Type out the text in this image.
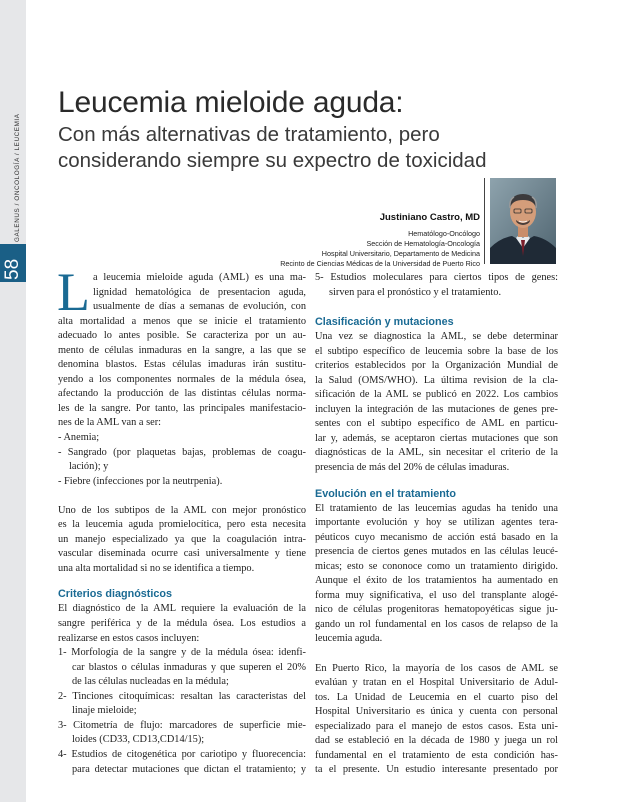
GALENUS / ONCOLOGÍA / LEUCEMIA
58
Leucemia mieloide aguda:
Con más alternativas de tratamiento, pero
considerando siempre su expectro de toxicidad
Justiniano Castro, MD
Hematólogo-Oncólogo
Sección de Hematología-Oncología
Hospital Universitario, Departamento de Medicina
Recinto de Ciencias Médicas de la Universidad de Puerto Rico
L a leucemia mieloide aguda (AML) es una ma-
lignidad hematológica de presentacion aguda,
usualmente de días a semanas de evolución, con
alta mortalidad a menos que se inicie el tratamiento
adecuado lo antes posible. Se caracteriza por un au-
mento de células inmaduras en la sangre, a las que se
denomina blastos. Estas células imaduras irán sustitu-
yendo a los componentes normales de la médula ósea,
afectando la producción de las distintas células norma-
les de la sangre. Por tanto, las principales manifestacio-
nes de la AML van a ser:
- Anemia;
- Sangrado (por plaquetas bajas, problemas de coagu-
lación); y
- Fiebre (infecciones por la neutrpenia).
Uno de los subtipos de la AML con mejor pronóstico
es la leucemia aguda promielocítica, pero esta necesita
un manejo especializado ya que la coagulación intra-
vascular diseminada ocurre casi universalmente y tiene
una alta mortalidad si no se identifica a tiempo.
Criterios diagnósticos
El diagnóstico de la AML requiere la evaluación de la
sangre periférica y de la médula ósea. Los estudios a
realizarse en estos casos incluyen:
1- Morfología de la sangre y de la médula ósea: idenfi-
car blastos o células inmaduras y que superen el 20%
de las células nucleadas en la médula;
2- Tinciones citoquímicas: resaltan las caracteristas del
linaje mieloide;
3- Citometría de flujo: marcadores de superficie mie-
loides (CD33, CD13,CD14/15);
4- Estudios de citogenética por cariotipo y fluorecencia:
para detectar mutaciones que dictan el tratamiento; y
5- Estudios moleculares para ciertos tipos de genes:
sirven para el pronóstico y el tratamiento.
Clasificación y mutaciones
Una vez se diagnostica la AML, se debe determinar
el subtipo específico de leucemia sobre la base de los
criterios establecidos por la Organización Mundial de
la Salud (OMS/WHO). La última revision de la cla-
sificación de la AML se publicó en 2022. Los cambios
incluyen la integración de las mutaciones de genes pre-
sentes con el subtipo específico de AML en particu-
lar y, además, se aceptaron ciertas mutaciones que son
diagnósticas de la AML, sin necesitar el criterio de la
presencia de más del 20% de células imaduras.
Evolución en el tratamiento
El tratamiento de las leucemias agudas ha tenido una
importante evolución y hoy se utilizan agentes tera-
péuticos cuyo mecanismo de acción está basado en la
presencia de ciertos genes mutados en las células leucé-
micas; esto se cononoce como un tratamiento dirigido.
Aunque el éxito de los tratamientos ha aumentado en
forma muy significativa, el uso del transplante alogé-
nico de células progenitoras hematopoyéticas sigue ju-
gando un rol fundamental en los casos de relapso de la
leucemia aguda.
En Puerto Rico, la mayoría de los casos de AML se
evalúan y tratan en el Hospital Universitario de Adul-
tos. La Unidad de Leucemia en el cuarto piso del
Hospital Universitario es única y cuenta con personal
especializado para el manejo de estos casos. Esta uni-
dad se estableció en la década de 1980 y juega un rol
fundamental en el tratamiento de esta condición has-
ta el presente. Un estudio interesante presentado por
